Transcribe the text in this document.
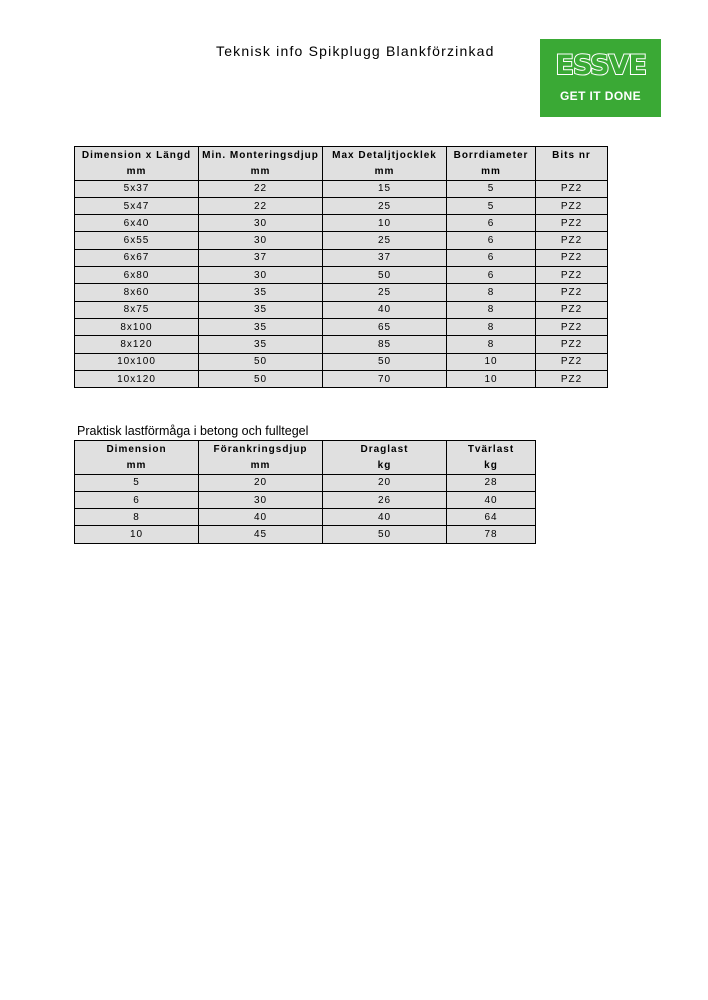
Teknisk info Spikplugg Blankförzinkad ESSVE
GET IT DONE
Dimension x Längd	Min. Monteringsdjup	Max Detaljtjocklek	Borrdiameter	Bits nr
mm	mm	mm	mm	
5x37	22	15	5	PZ2
5x47	22	25	5	PZ2
6x40	30	10	6	PZ2
6x55	30	25	6	PZ2
6x67	37	37	6	PZ2
6x80	30	50	6	PZ2
8x60	35	25	8	PZ2
8x75	35	40	8	PZ2
8x100	35	65	8	PZ2
8x120	35	85	8	PZ2
10x100	50	50	10	PZ2
10x120	50	70	10	PZ2
Praktisk lastförmåga i betong och fulltegel
Dimension	Förankringsdjup	Draglast	Tvärlast
mm	mm	kg	kg
5	20	20	28
6	30	26	40
8	40	40	64
10	45	50	78
